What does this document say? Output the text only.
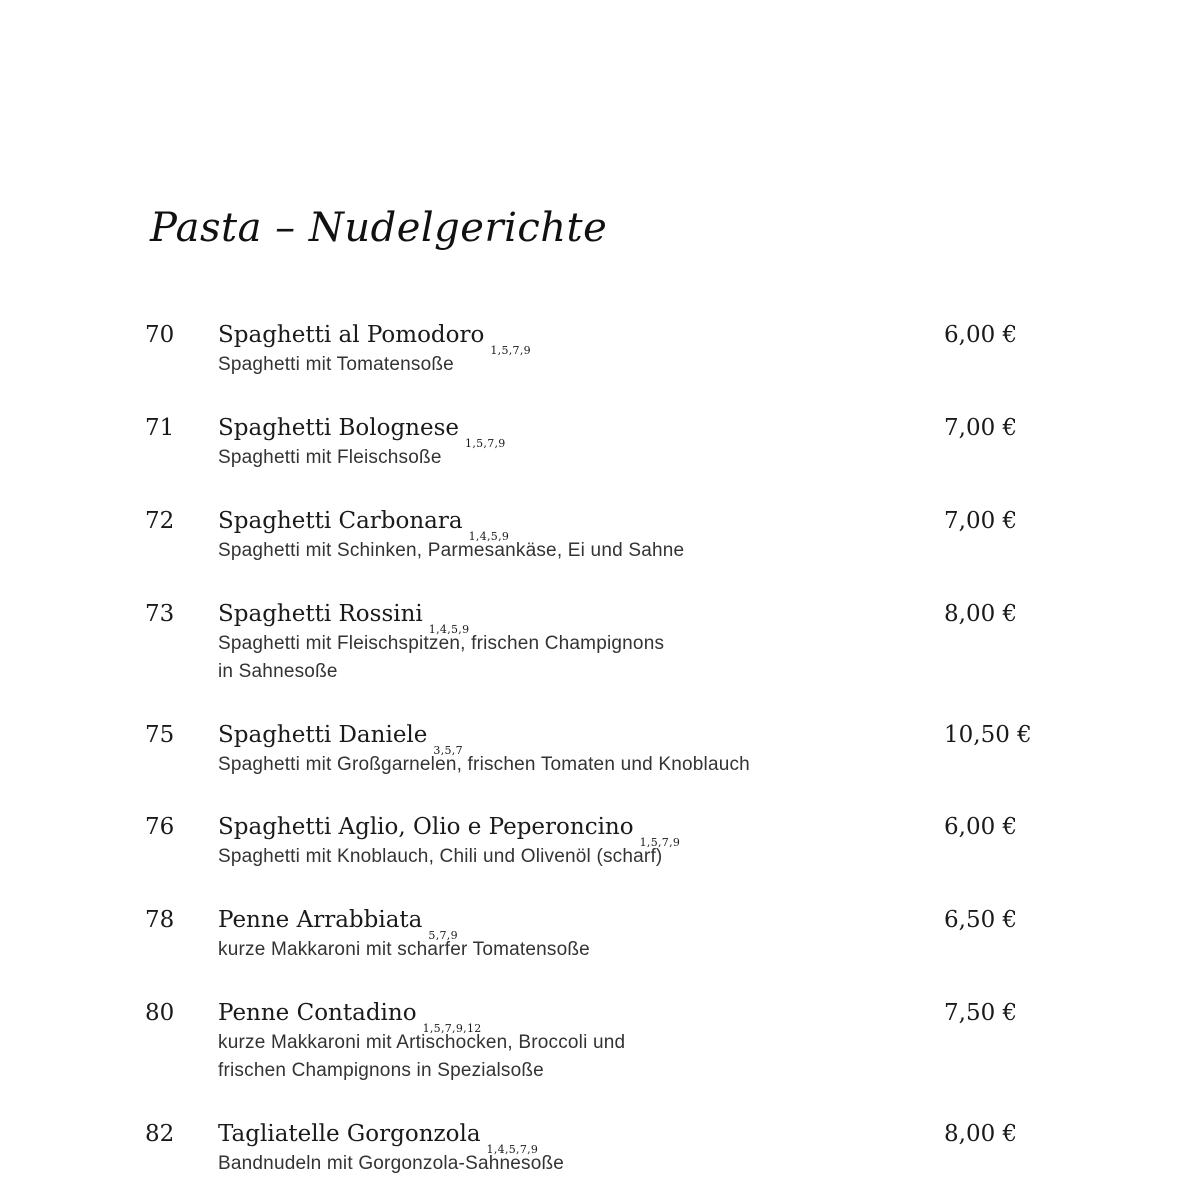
Pasta – Nudelgerichte
70 Spaghetti al Pomodoro$_{1,5,7,9}$
Spaghetti mit Tomatensoße
6,00 €
71 Spaghetti Bolognese$_{1,5,7,9}$
Spaghetti mit Fleischsoße
7,00 €
72 Spaghetti Carbonara$_{1,4,5,9}$
Spaghetti mit Schinken, Parmesankäse, Ei und Sahne
7,00 €
73 Spaghetti Rossini$_{1,4,5,9}$
Spaghetti mit Fleischspitzen, frischen Champignons
in Sahnesoße
8,00 €
75 Spaghetti Daniele$_{3,5,7}$
Spaghetti mit Großgarnelen, frischen Tomaten und Knoblauch
10,50 €
76 Spaghetti Aglio, Olio e Peperoncino$_{1,5,7,9}$
Spaghetti mit Knoblauch, Chili und Olivenöl (scharf)
6,00 €
78 Penne Arrabbiata$_{5,7,9}$
kurze Makkaroni mit scharfer Tomatensoße
6,50 €
80 Penne Contadino$_{1,5,7,9,12}$
kurze Makkaroni mit Artischocken, Broccoli und
frischen Champignons in Spezialsoße
7,50 €
82 Tagliatelle Gorgonzola$_{1,4,5,7,9}$
Bandnudeln mit Gorgonzola-Sahnesoße
8,00 €
